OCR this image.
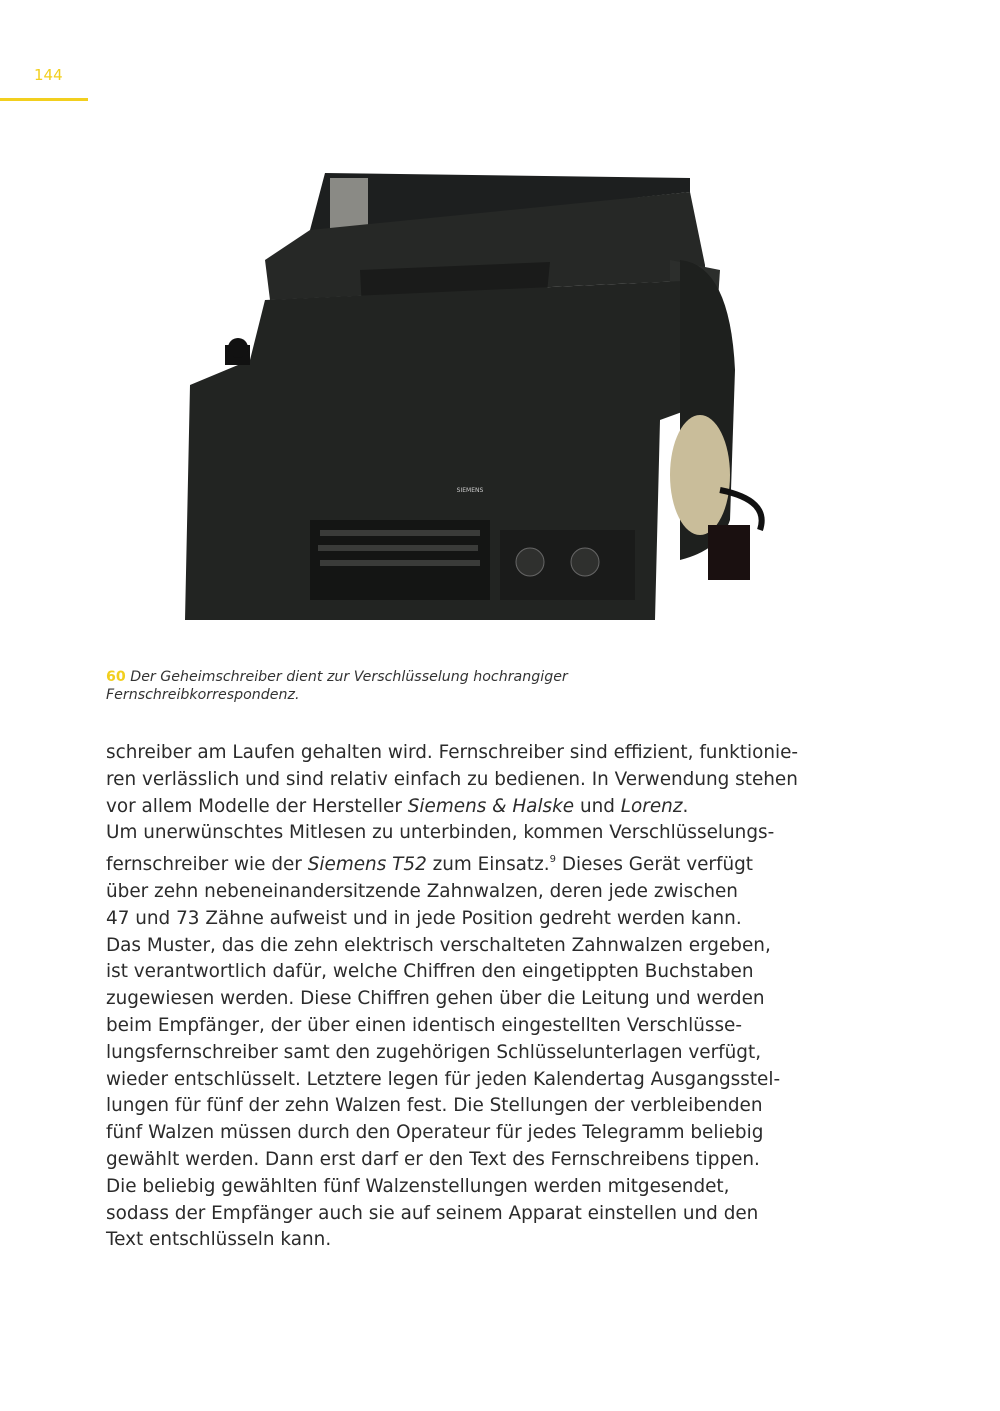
144
SIEMENS
60 Der Geheimschreiber dient zur Verschlüsselung hochrangiger
Fernschreibkorrespondenz.
schreiber am Laufen gehalten wird. Fernschreiber sind effizient, funktionie-
ren verlässlich und sind relativ einfach zu bedienen. In Verwendung stehen
vor allem Modelle der Hersteller Siemens & Halske und Lorenz.
Um unerwünschtes Mitlesen zu unterbinden, kommen Verschlüsselungs-
fernschreiber wie der Siemens T52 zum Einsatz.$^9$ Dieses Gerät verfügt
über zehn nebeneinandersitzende Zahnwalzen, deren jede zwischen
47 und 73 Zähne aufweist und in jede Position gedreht werden kann.
Das Muster, das die zehn elektrisch verschalteten Zahnwalzen ergeben,
ist verantwortlich dafür, welche Chiffren den eingetippten Buchstaben
zugewiesen werden. Diese Chiffren gehen über die Leitung und werden
beim Empfänger, der über einen identisch eingestellten Verschlüsse-
lungsfernschreiber samt den zugehörigen Schlüsselunterlagen verfügt,
wieder entschlüsselt. Letztere legen für jeden Kalendertag Ausgangsstel-
lungen für fünf der zehn Walzen fest. Die Stellungen der verbleibenden
fünf Walzen müssen durch den Operateur für jedes Telegramm beliebig
gewählt werden. Dann erst darf er den Text des Fernschreibens tippen.
Die beliebig gewählten fünf Walzenstellungen werden mitgesendet,
sodass der Empfänger auch sie auf seinem Apparat einstellen und den
Text entschlüsseln kann.
